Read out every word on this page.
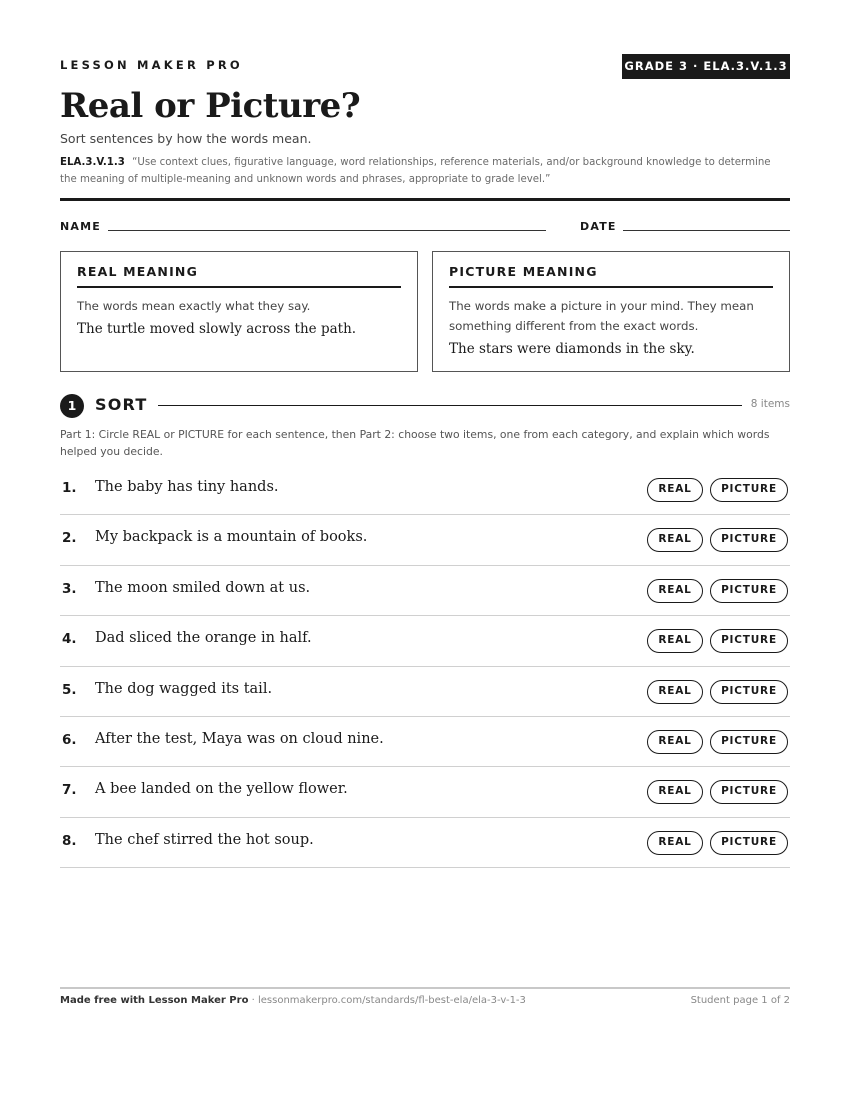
LESSON MAKER PRO	GRADE 3 · ELA.3.V.1.3
Real or Picture?
Sort sentences by how the words mean.
ELA.3.V.1.3 “Use context clues, figurative language, word relationships, reference materials, and/or background knowledge to determine the meaning of multiple-meaning and unknown words and phrases, appropriate to grade level.”
NAME	DATE
REAL MEANING
The words mean exactly what they say.
The turtle moved slowly across the path.
PICTURE MEANING
The words make a picture in your mind. They mean something different from the exact words.
The stars were diamonds in the sky.
1	SORT	8 items
Part 1: Circle REAL or PICTURE for each sentence, then Part 2: choose two items, one from each category, and explain which words helped you decide.
1. The baby has tiny hands.	REAL	PICTURE
2. My backpack is a mountain of books.	REAL	PICTURE
3. The moon smiled down at us.	REAL	PICTURE
4. Dad sliced the orange in half.	REAL	PICTURE
5. The dog wagged its tail.	REAL	PICTURE
6. After the test, Maya was on cloud nine.	REAL	PICTURE
7. A bee landed on the yellow flower.	REAL	PICTURE
8. The chef stirred the hot soup.	REAL	PICTURE
Made free with Lesson Maker Pro · lessonmakerpro.com/standards/fl-best-ela/ela-3-v-1-3	Student page 1 of 2
